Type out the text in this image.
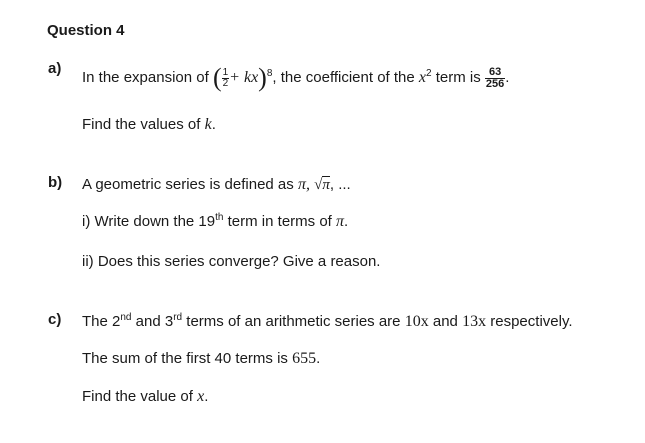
Question 4
a)
In the expansion of ( $\frac{1}{2} + kx)^8$, the coefficient of the $x^2$ term is $\frac{63}{256}$ .
Find the values of k.
b) A geometric series is defined as π, √π, ...
i) Write down the 19th term in terms of π.
ii) Does this series converge? Give a reason.
c) The 2nd and 3rd terms of an arithmetic series are 10x and 13x respectively.
The sum of the first 40 terms is 655.
Find the value of x.
